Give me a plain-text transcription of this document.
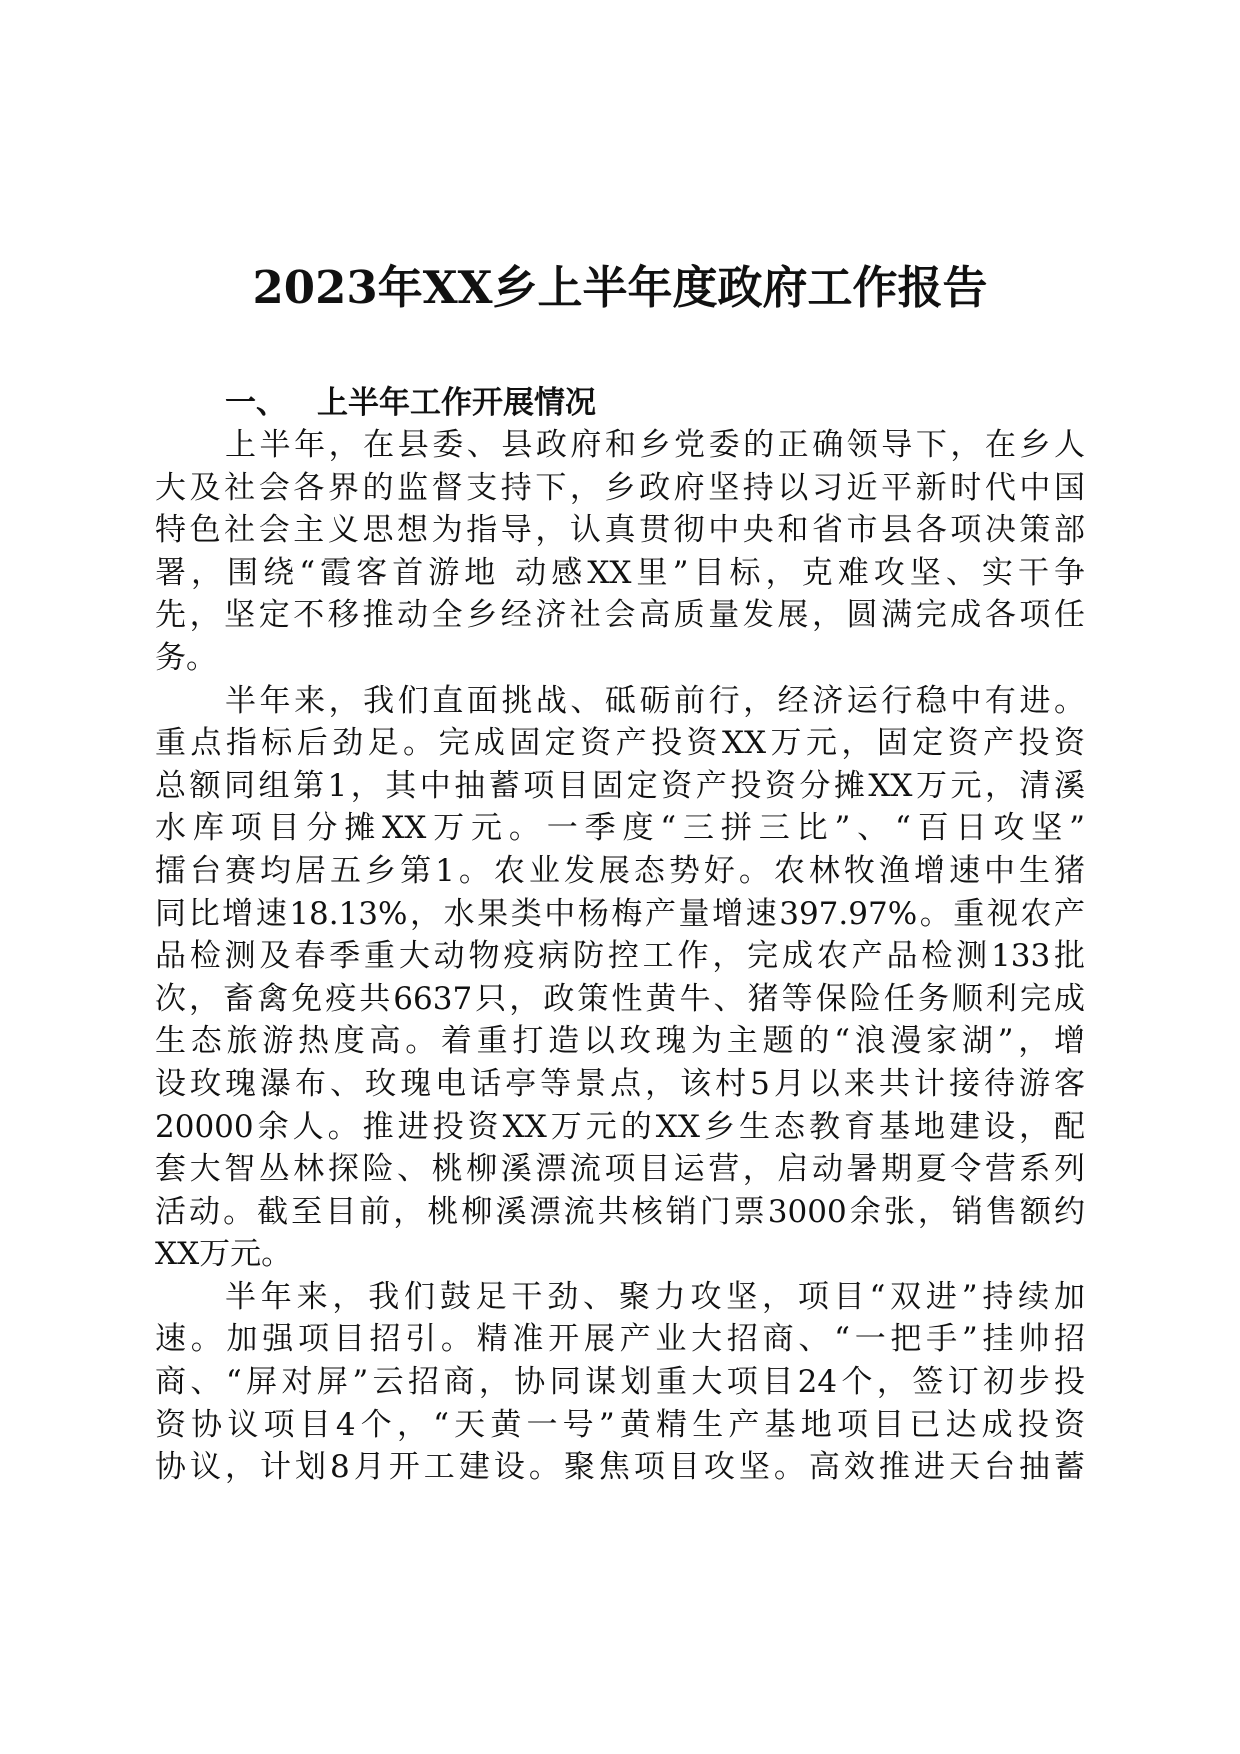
2023年XX乡上半年度政府工作报告
一、 上半年工作开展情况
上半年，在县委、县政府和乡党委的正确领导下，在乡人
大及社会各界的监督支持下，乡政府坚持以习近平新时代中国
特色社会主义思想为指导，认真贯彻中央和省市县各项决策部
署，围绕“霞客首游地 动感XX里”目标，克难攻坚、实干争
先，坚定不移推动全乡经济社会高质量发展，圆满完成各项任
务。
半年来，我们直面挑战、砥砺前行，经济运行稳中有进。
重点指标后劲足。完成固定资产投资XX万元，固定资产投资
总额同组第1，其中抽蓄项目固定资产投资分摊XX万元，清溪
水库项目分摊XX万元。一季度“三拼三比”、“百日攻坚”
擂台赛均居五乡第1。农业发展态势好。农林牧渔增速中生猪
同比增速18.13%，水果类中杨梅产量增速397.97%。重视农产
品检测及春季重大动物疫病防控工作，完成农产品检测133批
次，畜禽免疫共6637只，政策性黄牛、猪等保险任务顺利完成
生态旅游热度高。着重打造以玫瑰为主题的“浪漫家湖”，增
设玫瑰瀑布、玫瑰电话亭等景点，该村5月以来共计接待游客
20000余人。推进投资XX万元的XX乡生态教育基地建设，配
套大智丛林探险、桃柳溪漂流项目运营，启动暑期夏令营系列
活动。截至目前，桃柳溪漂流共核销门票3000余张，销售额约
XX万元。
半年来，我们鼓足干劲、聚力攻坚，项目“双进”持续加
速。加强项目招引。精准开展产业大招商、“一把手”挂帅招
商、“屏对屏”云招商，协同谋划重大项目24个，签订初步投
资协议项目4个，“天黄一号”黄精生产基地项目已达成投资
协议，计划8月开工建设。聚焦项目攻坚。高效推进天台抽蓄
